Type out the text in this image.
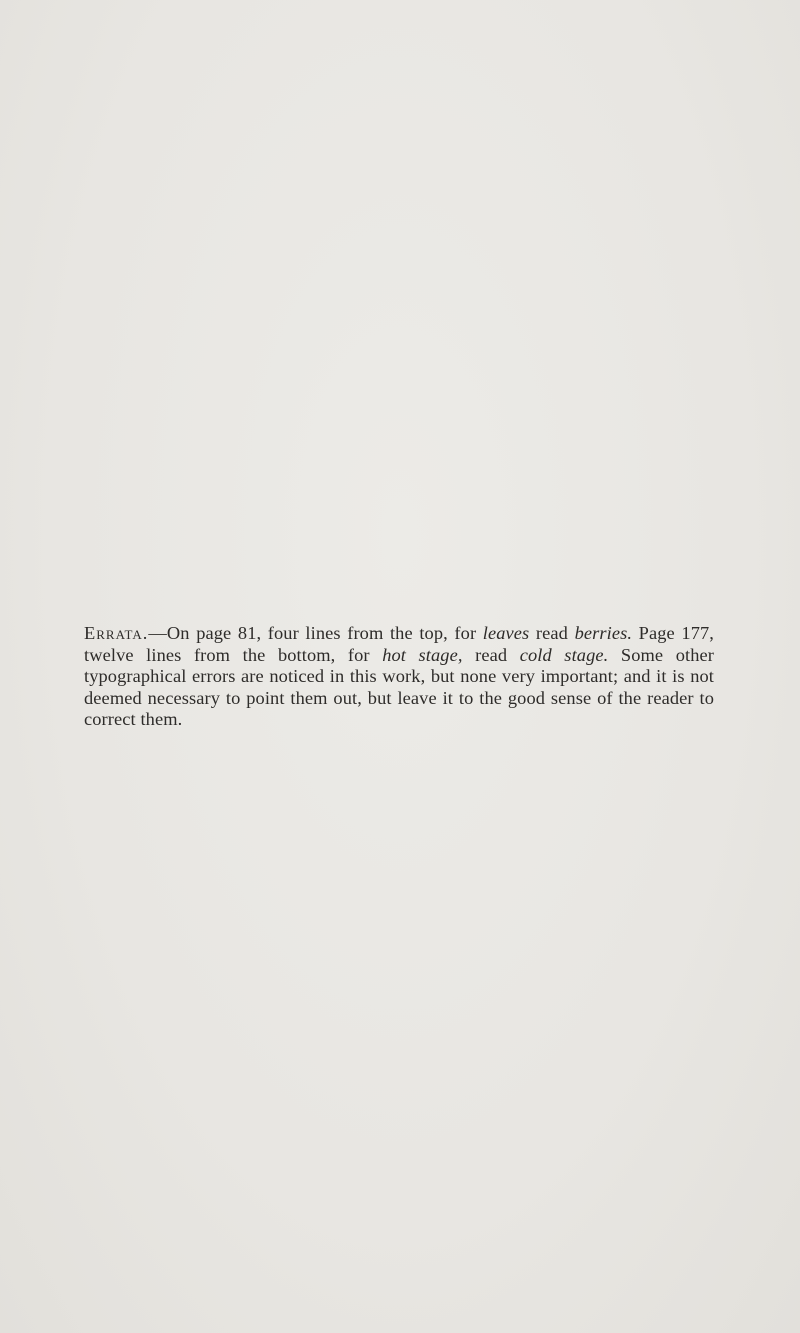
Errata.—On page 81, four lines from the top, for leaves read berries. Page 177, twelve lines from the bottom, for hot stage, read cold stage. Some other typographical errors are noticed in this work, but none very important; and it is not deemed necessary to point them out, but leave it to the good sense of the reader to correct them.
